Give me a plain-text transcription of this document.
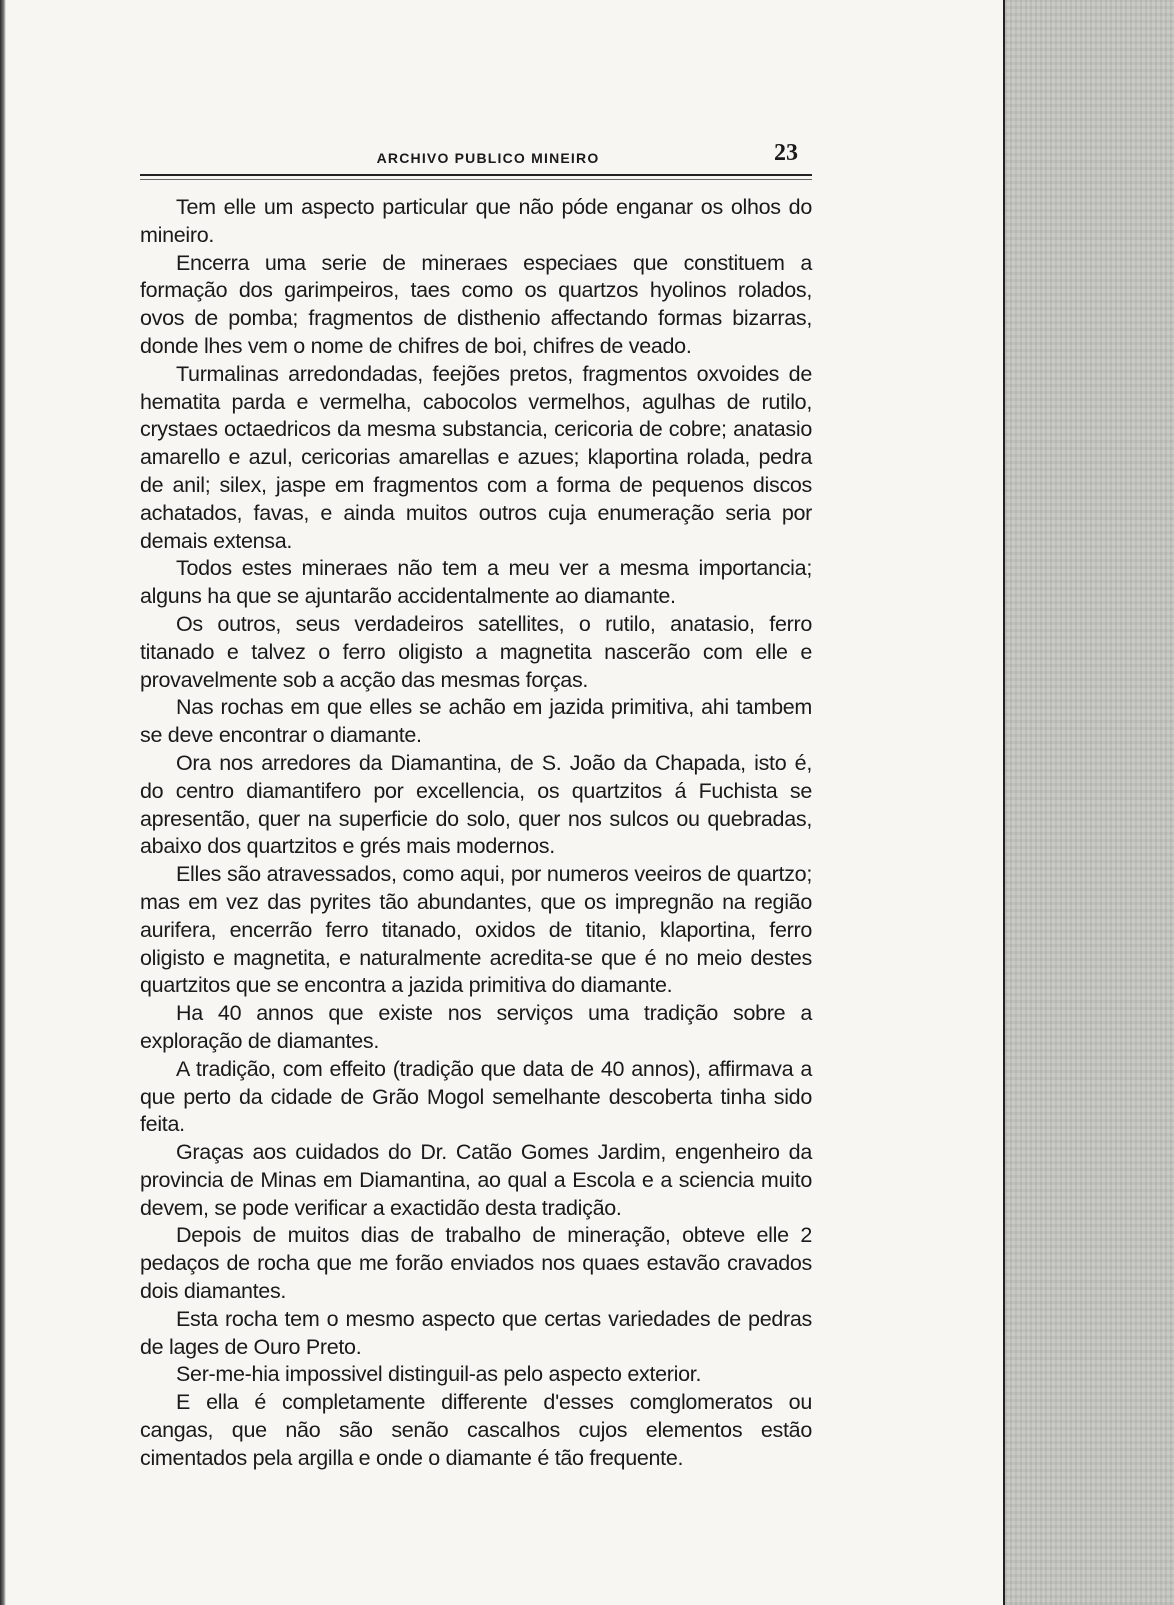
ARCHIVO PUBLICO MINEIRO	23

Tem elle um aspecto particular que não póde enganar os olhos do mineiro.

Encerra uma serie de mineraes especiaes que constituem a formação dos garimpeiros, taes como os quartzos hyolinos rolados, ovos de pomba; fragmentos de disthenio affectando formas bizarras, donde lhes vem o nome de chifres de boi, chifres de veado.

Turmalinas arredondadas, feejões pretos, fragmentos oxvoides de hematita parda e vermelha, cabocolos vermelhos, agulhas de rutilo, crystaes octaedricos da mesma substancia, cericoria de cobre; anatasio amarello e azul, cericorias amarellas e azues; klaportina rolada, pedra de anil; silex, jaspe em fragmentos com a forma de pequenos discos achatados, favas, e ainda muitos outros cuja enumeração seria por demais extensa.

Todos estes mineraes não tem a meu ver a mesma importancia; alguns ha que se ajuntarão accidentalmente ao diamante.

Os outros, seus verdadeiros satellites, o rutilo, anatasio, ferro titanado e talvez o ferro oligisto a magnetita nascerão com elle e provavelmente sob a acção das mesmas forças.

Nas rochas em que elles se achão em jazida primitiva, ahi tambem se deve encontrar o diamante.

Ora nos arredores da Diamantina, de S. João da Chapada, isto é, do centro diamantifero por excellencia, os quartzitos á Fuchista se apresentão, quer na superficie do solo, quer nos sulcos ou quebradas, abaixo dos quartzitos e grés mais modernos.

Elles são atravessados, como aqui, por numeros veeiros de quartzo; mas em vez das pyrites tão abundantes, que os impregnão na região aurifera, encerrão ferro titanado, oxidos de titanio, klaportina, ferro oligisto e magnetita, e naturalmente acredita-se que é no meio destes quartzitos que se encontra a jazida primitiva do diamante.

Ha 40 annos que existe nos serviços uma tradição sobre a exploração de diamantes.

A tradição, com effeito (tradição que data de 40 annos), affirmava a que perto da cidade de Grão Mogol semelhante descoberta tinha sido feita.

Graças aos cuidados do Dr. Catão Gomes Jardim, engenheiro da provincia de Minas em Diamantina, ao qual a Escola e a sciencia muito devem, se pode verificar a exactidão desta tradição.

Depois de muitos dias de trabalho de mineração, obteve elle 2 pedaços de rocha que me forão enviados nos quaes estavão cravados dois diamantes.

Esta rocha tem o mesmo aspecto que certas variedades de pedras de lages de Ouro Preto.

Ser-me-hia impossivel distinguil-as pelo aspecto exterior.

E ella é completamente differente d'esses comglomeratos ou cangas, que não são senão cascalhos cujos elementos estão cimentados pela argilla e onde o diamante é tão frequente.
